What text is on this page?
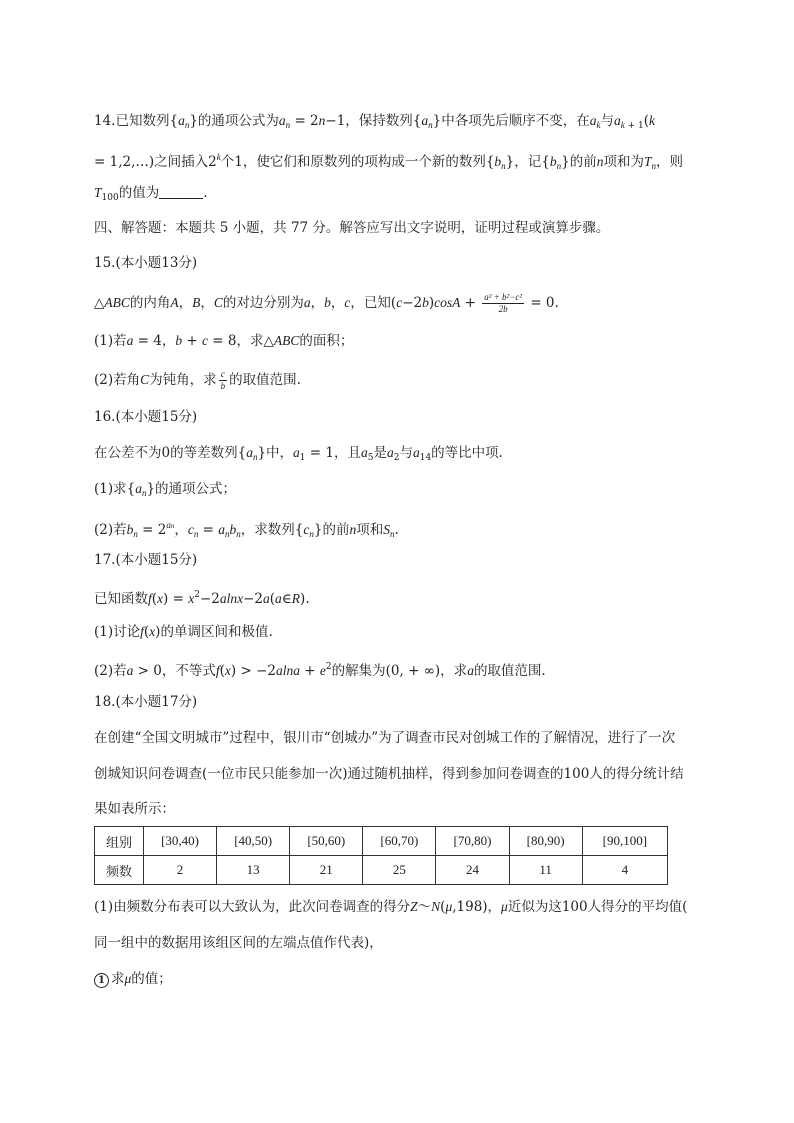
14.已知数列$\{a_n\}$的通项公式为$a_n = 2n-1$，保持数列$\{a_n\}$中各项先后顺序不变，在$a_k$与$a_{k + 1}(k$
= 1,2,…)之间插入2$^k$个1，使它们和原数列的项构成一个新的数列$\{b_n\}$，记$\{b_n\}$的前n项和为$T_n$，则
$T_{100}$的值为	.
四、解答题：本题共 5 小题，共 77 分。解答应写出文字说明，证明过程或演算步骤。
15.(本小题13分)
△ABC的内角A，B，C的对边分别为a，b，c，已知$(c-2b)\cos A + \frac{\text{a² + b²−c²}}{2b} = 0$.
(1)若a = 4，b + c = 8，求△ABC的面积；
(2)若角C为钝角，求 $\frac{c}{b}$ 的取值范围.
16.(本小题15分)
在公差不为0的等差数列$\{a_n\}$中，$a_1 = 1$，且$a_5$是$a_2$与$a_{14}$的等比中项.
(1)求$\{a_n\}$的通项公式；
(2)若$b_n = 2^{an}$，$c_n = a_nb_n$，求数列$\{c_n\}$的前n项和$S_n$.
17.(本小题15分)
已知函数$f(x) = x^2-2alnx-2a(a\in R)$.
(1)讨论f(x)的单调区间和极值.
(2)若a > 0，不等式$f(x) > -2alna + e^2$的解集为(0, + ∞)，求a的取值范围.
18.(本小题17分)
在创建“全国文明城市”过程中，银川市“创城办”为了调查市民对创城工作的了解情况，进行了一次
创城知识问卷调查(一位市民只能参加一次)通过随机抽样，得到参加问卷调查的100人的得分统计结
果如表所示：
组别	[30,40)	[40,50)	[50,60)	[60,70)	[70,80)	[80,90)	[90,100]
频数	2	13	21	25	24	11	4
(1)由频数分布表可以大致认为，此次问卷调查的得分Z～N(μ,198)，μ近似为这100人得分的平均值(
同一组中的数据用该组区间的左端点值作代表)，
1 求μ的值；
